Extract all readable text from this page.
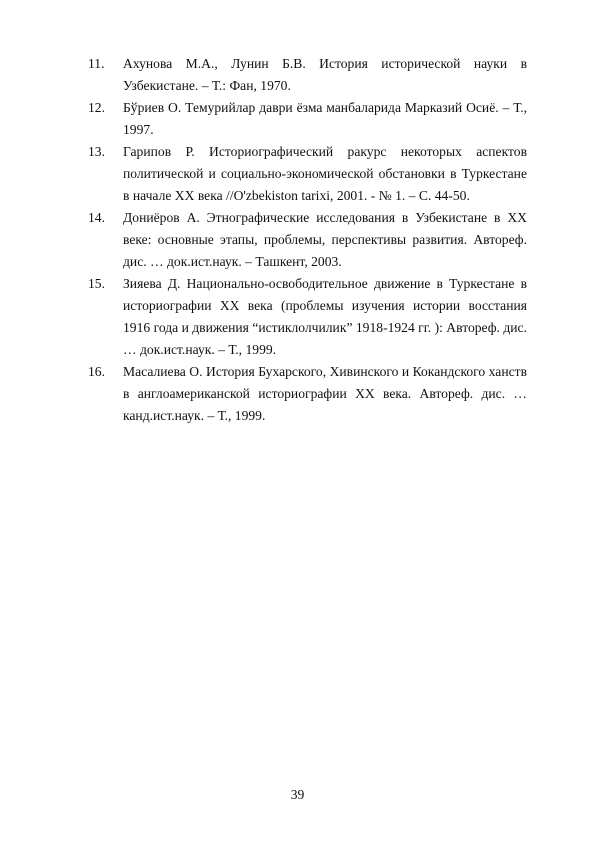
11. Ахунова М.А., Лунин Б.В. История исторической науки в Узбекистане. – Т.: Фан, 1970.
12. Бўриев О. Темурийлар даври ёзма манбаларида Марказий Осиё. – Т., 1997.
13. Гарипов Р. Историографический ракурс некоторых аспектов политической и социально-экономической обстановки в Туркестане в начале XX века //O'zbekiston tarixi, 2001. - № 1. – С. 44-50.
14. Дониёров А. Этнографические исследования в Узбекистане в XX веке: основные этапы, проблемы, перспективы развития. Автореф. дис. … док.ист.наук. – Ташкент, 2003.
15. Зияева Д. Национально-освободительное движение в Туркестане в историографии XX века (проблемы изучения истории восстания 1916 года и движения “истиклолчилик” 1918-1924 гг. ): Автореф. дис. … док.ист.наук. – Т., 1999.
16. Масалиева О. История Бухарского, Хивинского и Кокандского ханств в англоамериканской историографии XX века. Автореф. дис. … канд.ист.наук. – Т., 1999.
39
